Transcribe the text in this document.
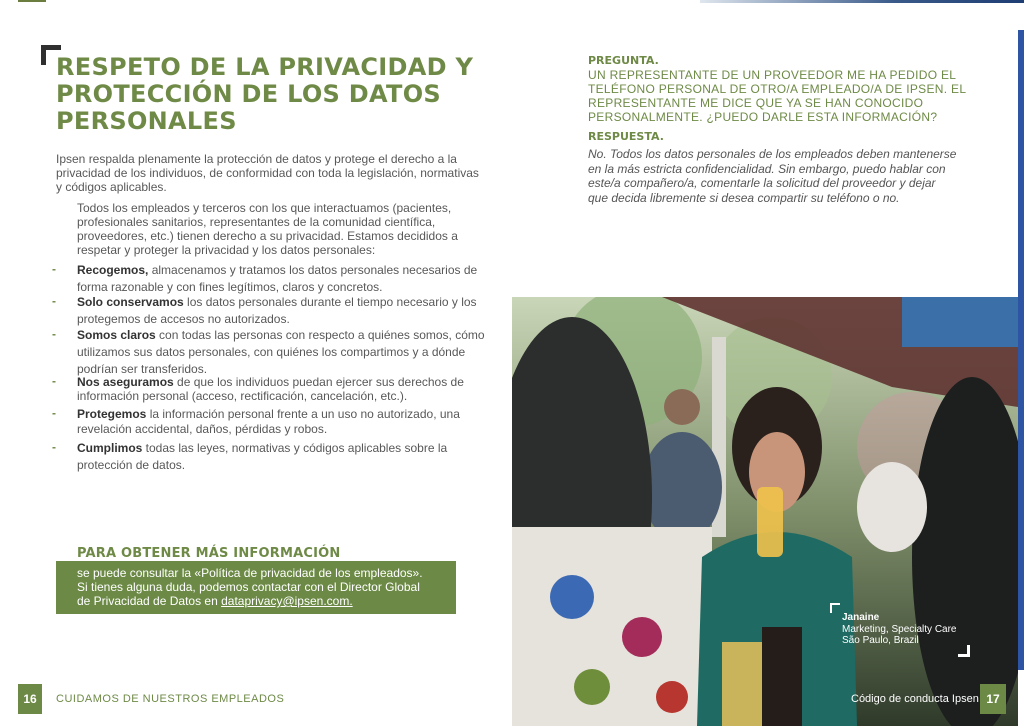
RESPETO DE LA PRIVACIDAD Y PROTECCIÓN DE LOS DATOS PERSONALES

Ipsen respalda plenamente la protección de datos y protege el derecho a la privacidad de los individuos, de conformidad con toda la legislación, normativas y códigos aplicables.

Todos los empleados y terceros con los que interactuamos (pacientes, profesionales sanitarios, representantes de la comunidad científica, proveedores, etc.) tienen derecho a su privacidad. Estamos decididos a respetar y proteger la privacidad y los datos personales:

- Recogemos, almacenamos y tratamos los datos personales necesarios de forma razonable y con fines legítimos, claros y concretos.
- Solo conservamos los datos personales durante el tiempo necesario y los protegemos de accesos no autorizados.
- Somos claros con todas las personas con respecto a quiénes somos, cómo utilizamos sus datos personales, con quiénes los compartimos y a dónde podrían ser transferidos.
- Nos aseguramos de que los individuos puedan ejercer sus derechos de información personal (acceso, rectificación, cancelación, etc.).
- Protegemos la información personal frente a un uso no autorizado, una revelación accidental, daños, pérdidas y robos.
- Cumplimos todas las leyes, normativas y códigos aplicables sobre la protección de datos.
PARA OBTENER MÁS INFORMACIÓN
se puede consultar la «Política de privacidad de los empleados».
Si tienes alguna duda, podemos contactar con el Director Global
de Privacidad de Datos en dataprivacy@ipsen.com.
16	CUIDAMOS DE NUESTROS EMPLEADOS
PREGUNTA.

UN REPRESENTANTE DE UN PROVEEDOR ME HA PEDIDO EL TELÉFONO PERSONAL DE OTRO/A EMPLEADO/A DE IPSEN. EL REPRESENTANTE ME DICE QUE YA SE HAN CONOCIDO PERSONALMENTE. ¿PUEDO DARLE ESTA INFORMACIÓN?

RESPUESTA.

No. Todos los datos personales de los empleados deben mantenerse en la más estricta confidencialidad. Sin embargo, puedo hablar con este/a compañero/a, comentarle la solicitud del proveedor y dejar que decida libremente si desea compartir su teléfono o no.

Janaine
Marketing, Specialty Care
São Paulo, Brazil
Código de conducta Ipsen 17
